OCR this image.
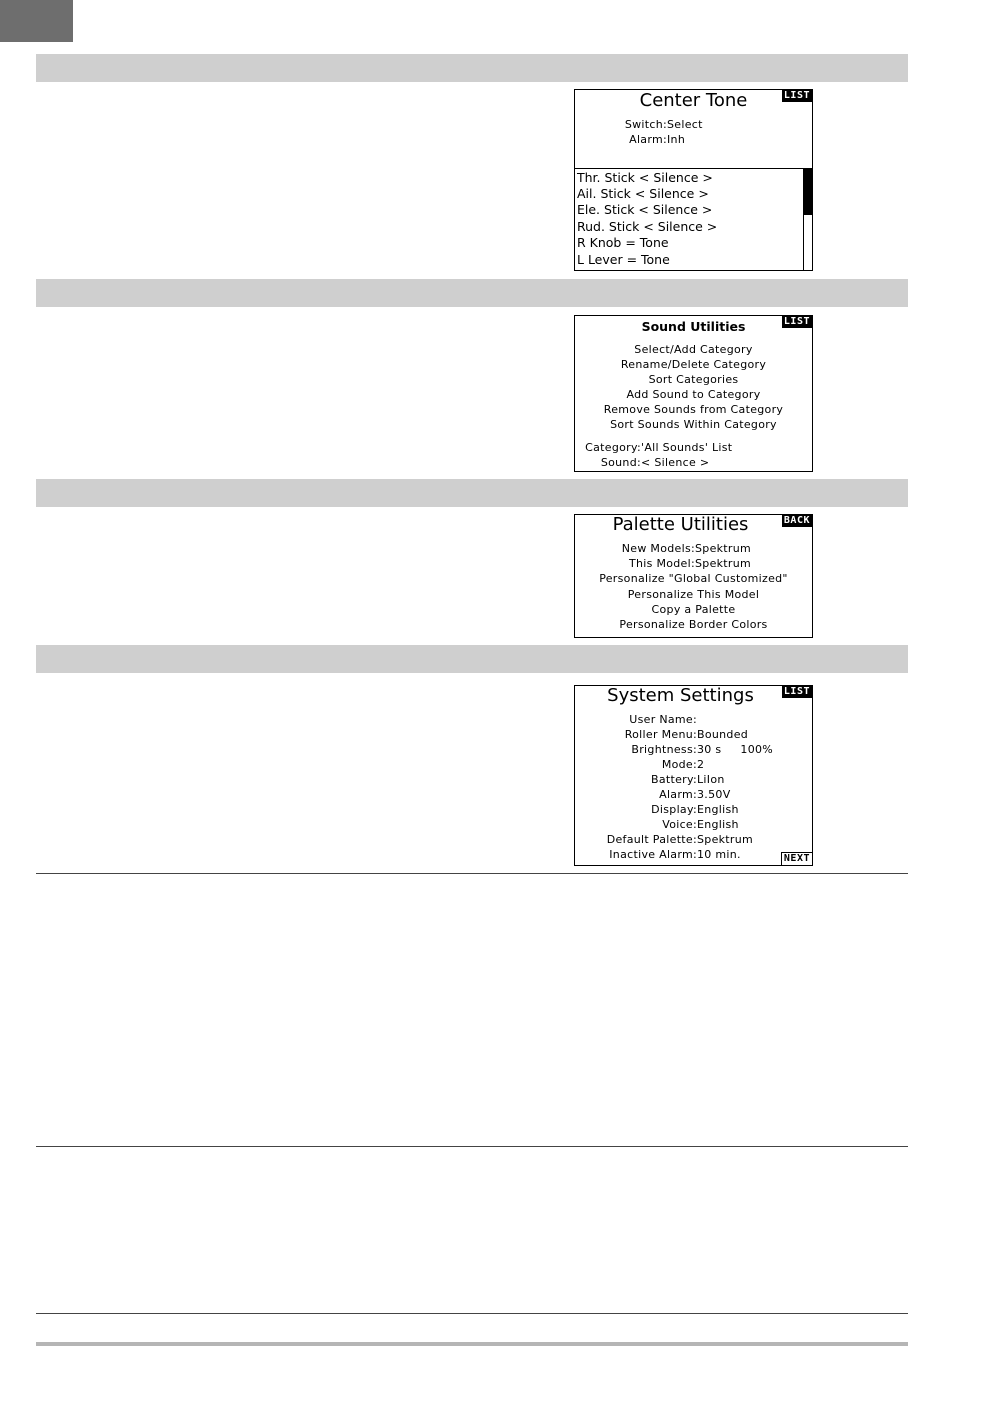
Center Tone	LIST
Switch:Select
Alarm:Inh
Thr. Stick < Silence >
Ail. Stick < Silence >
Ele. Stick < Silence >
Rud. Stick < Silence >
R Knob = Tone
L Lever = Tone
Sound Utilities	LIST
Select/Add Category
Rename/Delete Category
Sort Categories
Add Sound to Category
Remove Sounds from Category
Sort Sounds Within Category
Category:'All Sounds' List
Sound:< Silence >
Palette Utilities	BACK
New Models:Spektrum
This Model:Spektrum
Personalize "Global Customized"
Personalize This Model
Copy a Palette
Personalize Border Colors
System Settings	LIST
User Name:
Roller Menu:Bounded
Brightness:30 s     100%
Mode:2
Battery:LiIon
Alarm:3.50V
Display:English
Voice:English
Default Palette:Spektrum
Inactive Alarm:10 min.	NEXT
